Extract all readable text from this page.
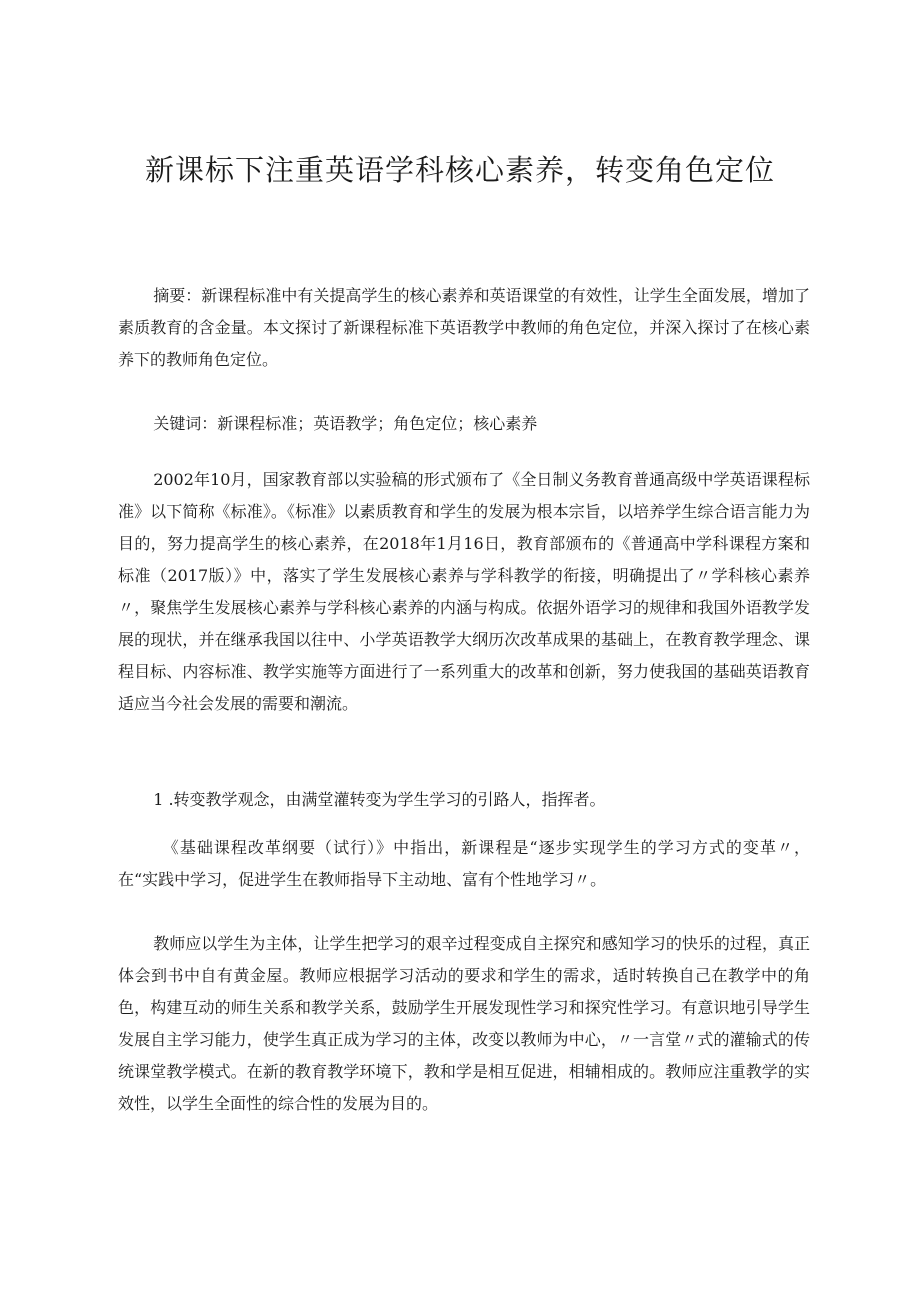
新课标下注重英语学科核心素养，转变角色定位

摘要：新课程标准中有关提高学生的核心素养和英语课堂的有效性，让学生全面发展，增加了素质教育的含金量。本文探讨了新课程标准下英语教学中教师的角色定位，并深入探讨了在核心素养下的教师角色定位。

关键词：新课程标准；英语教学；角色定位；核心素养

2002年10月，国家教育部以实验稿的形式颁布了《全日制义务教育普通高级中学英语课程标准》以下简称《标准》。《标准》以素质教育和学生的发展为根本宗旨，以培养学生综合语言能力为目的，努力提高学生的核心素养，在2018年1月16日，教育部颁布的《普通高中学科课程方案和标准（2017版）》中，落实了学生发展核心素养与学科教学的衔接，明确提出了〃学科核心素养〃，聚焦学生发展核心素养与学科核心素养的内涵与构成。依据外语学习的规律和我国外语教学发展的现状，并在继承我国以往中、小学英语教学大纲历次改革成果的基础上，在教育教学理念、课程目标、内容标准、教学实施等方面进行了一系列重大的改革和创新，努力使我国的基础英语教育适应当今社会发展的需要和潮流。

1 .转变教学观念，由满堂灌转变为学生学习的引路人，指挥者。

《基础课程改革纲要（试行）》中指出，新课程是“逐步实现学生的学习方式的变革〃，在“实践中学习，促进学生在教师指导下主动地、富有个性地学习〃。

教师应以学生为主体，让学生把学习的艰辛过程变成自主探究和感知学习的快乐的过程，真正体会到书中自有黄金屋。教师应根据学习活动的要求和学生的需求，适时转换自己在教学中的角色，构建互动的师生关系和教学关系，鼓励学生开展发现性学习和探究性学习。有意识地引导学生发展自主学习能力，使学生真正成为学习的主体，改变以教师为中心，〃一言堂〃式的灌输式的传统课堂教学模式。在新的教育教学环境下，教和学是相互促进，相辅相成的。教师应注重教学的实效性，以学生全面性的综合性的发展为目的。
